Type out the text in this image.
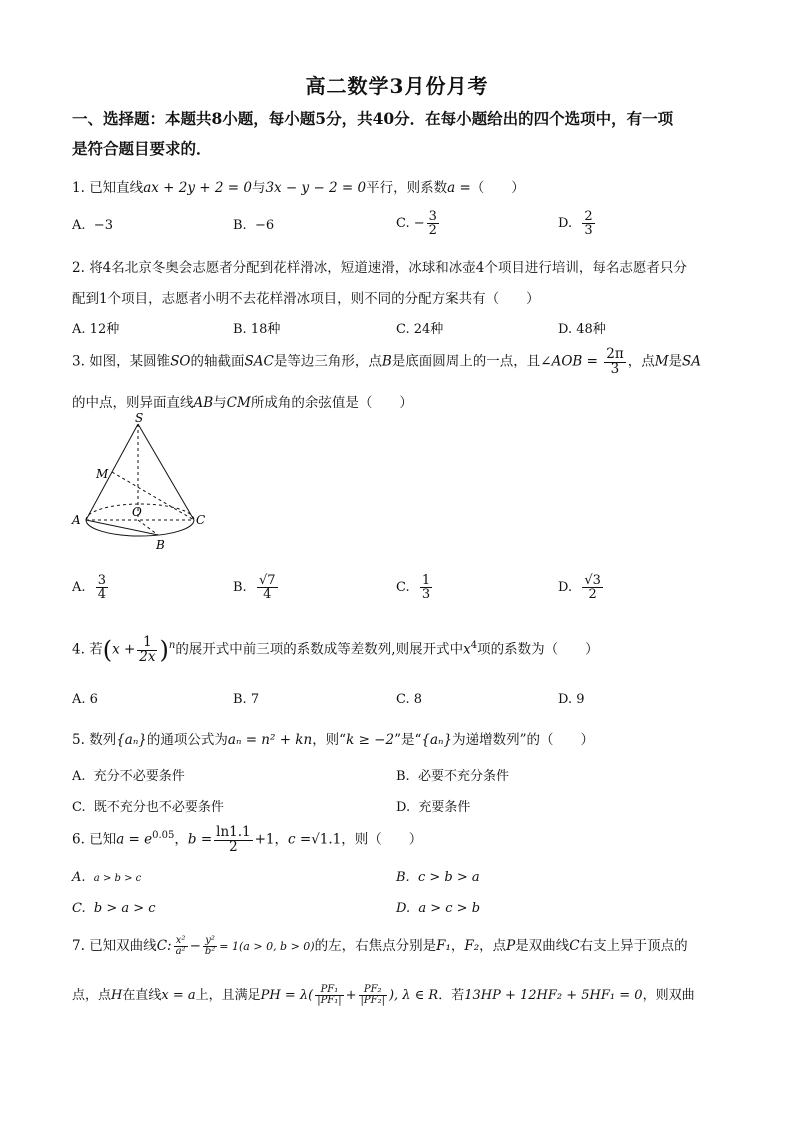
高二数学3月份月考
一、选择题：本题共8小题，每小题5分，共40分．在每小题给出的四个选项中，有一项
是符合题目要求的．
1. 已知直线ax + 2y + 2 = 0与3x − y − 2 = 0平行，则系数a =（　　）
A. −3	B. −6	C. − $\frac{3}{2}$	D. $\frac{2}{3}$
2. 将4名北京冬奥会志愿者分配到花样滑冰，短道速滑，冰球和冰壶4个项目进行培训，每名志愿者只分
配到1个项目，志愿者小明不去花样滑冰项目，则不同的分配方案共有（　　）
A. 12种	B. 18种	C. 24种	D. 48种
3. 如图，某圆锥SO的轴截面SAC是等边三角形，点B是底面圆周上的一点，且∠AOB = $\frac{2\pi}{3}$ ，点M是SA
的中点，则异面直线AB与CM所成角的余弦值是（　　）
S
M
O
A	C
B
A. $\frac{3}{4}$	B. $\frac{√7}{4}$	C. $\frac{1}{3}$	D. $\frac{√3}{2}$
4. 若$(x + \frac{1}{2x} )^n$的展开式中前三项的系数成等差数列,则展开式中$x^4$项的系数为（　　）
A. 6	B. 7	C. 8	D. 9
5. 数列{aₙ}的通项公式为aₙ = n² + kn，则“k ≥ −2”是“{aₙ}为递增数列”的（　　）
A. 充分不必要条件	B. 必要不充分条件
C. 既不充分也不必要条件	D. 充要条件
6. 已知$a = e^{0.05}$，$b = \frac{\ln 1.1}{2} +1$，c =√1.1，则（　　）
A. a > b > c	B. c > b > a
C. b > a > c	D. a > c > b
7. 已知双曲线C: $\frac{\text{x²}}{\text{a²}} - \frac{\text{y²}}{\text{b²}} = 1(a > 0$, b > 0)的左，右焦点分别是F₁，F₂，点P是双曲线C右支上异于顶点的
点，点H在直线x = a上，且满足PH = $\lambda( \frac{\text{PF₁}}{\text{|PF₁|}} + \frac{\text{PF₂}}{\text{|PF₂|}}$ ), λ ∈ R．若13HP + 12HF₂ + 5HF₁ = 0，则双曲
